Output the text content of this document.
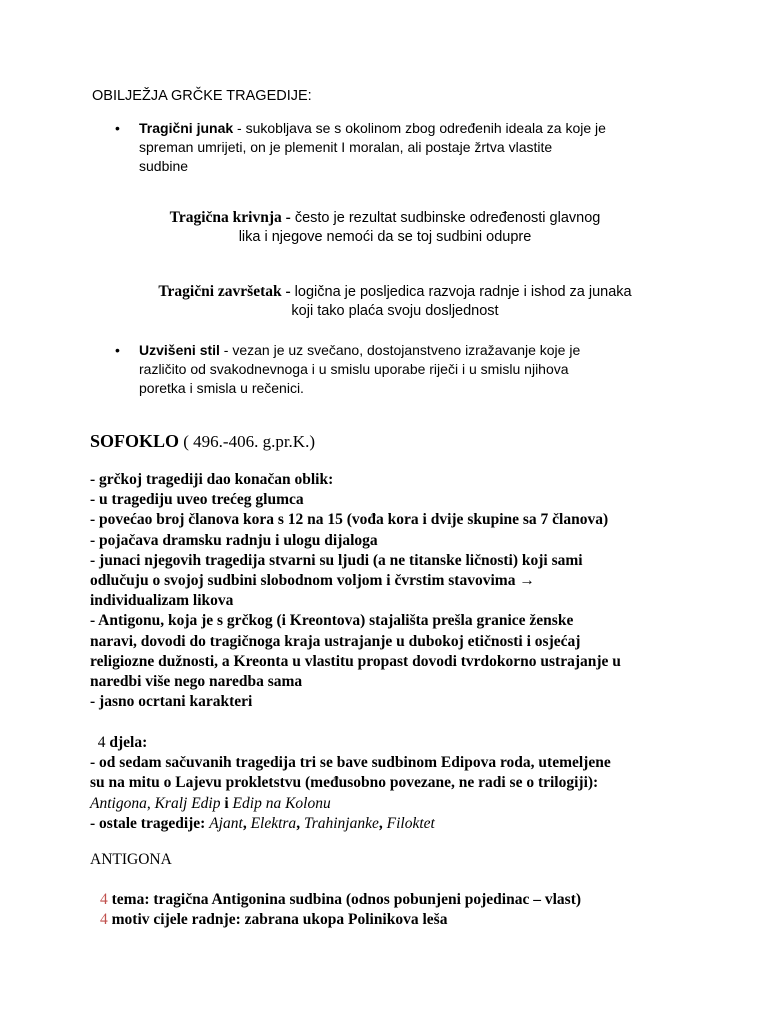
OBILJEŽJA GRČKE TRAGEDIJE:
• Tragični junak - sukobljava se s okolinom zbog određenih ideala za koje je
spreman umrijeti, on je plemenit I moralan, ali postaje žrtva vlastite
sudbine
Tragična krivnja - često je rezultat sudbinske određenosti glavnog
lika i njegove nemoći da se toj sudbini odupre
Tragični završetak - logična je posljedica razvoja radnje i ishod za junaka
koji tako plaća svoju dosljednost
• Uzvišeni stil - vezan je uz svečano, dostojanstveno izražavanje koje je
različito od svakodnevnoga i u smislu uporabe riječi i u smislu njihova
poretka i smisla u rečenici.
SOFOKLO ( 496.-406. g.pr.K.)
- grčkoj tragediji dao konačan oblik:
- u tragediju uveo trećeg glumca
- povećao broj članova kora s 12 na 15 (vođa kora i dvije skupine sa 7 članova)
- pojačava dramsku radnju i ulogu dijaloga
- junaci njegovih tragedija stvarni su ljudi (a ne titanske ličnosti) koji sami
odlučuju o svojoj sudbini slobodnom voljom i čvrstim stavovima →
individualizam likova
- Antigonu, koja je s grčkog (i Kreontova) stajališta prešla granice ženske
naravi, dovodi do tragičnoga kraja ustrajanje u dubokoj etičnosti i osjećaj
religiozne dužnosti, a Kreonta u vlastitu propast dovodi tvrdokorno ustrajanje u
naredbi više nego naredba sama
- jasno ocrtani karakteri
4 djela:
- od sedam sačuvanih tragedija tri se bave sudbinom Edipova roda, utemeljene
su na mitu o Lajevu prokletstvu (međusobno povezane, ne radi se o trilogiji):
Antigona, Kralj Edip i Edip na Kolonu
- ostale tragedije: Ajant, Elektra, Trahinjanke, Filoktet
ANTIGONA
4 tema: tragična Antigonina sudbina (odnos pobunjeni pojedinac – vlast)
4 motiv cijele radnje: zabrana ukopa Polinikova leša
